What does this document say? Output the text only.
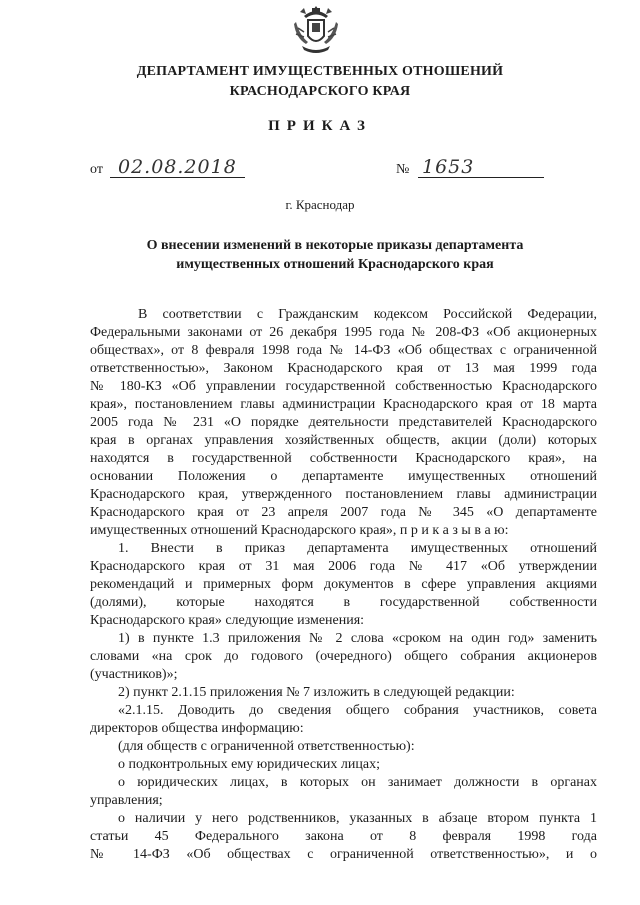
ДЕПАРТАМЕНТ ИМУЩЕСТВЕННЫХ ОТНОШЕНИЙ
КРАСНОДАРСКОГО КРАЯ
ПРИКАЗ
от 02.08.2018	№ 1653
г. Краснодар
О внесении изменений в некоторые приказы департамента
имущественных отношений Краснодарского края
В соответствии с Гражданским кодексом Российской Федерации,
Федеральными законами от 26 декабря 1995 года № 208-ФЗ «Об акционерных
обществах», от 8 февраля 1998 года № 14-ФЗ «Об обществах с ограниченной
ответственностью», Законом Краснодарского края от 13 мая 1999 года
№ 180-КЗ «Об управлении государственной собственностью Краснодарского
края», постановлением главы администрации Краснодарского края от 18 марта
2005 года № 231 «О порядке деятельности представителей Краснодарского
края в органах управления хозяйственных обществ, акции (доли) которых
находятся в государственной собственности Краснодарского края», на
основании Положения о департаменте имущественных отношений
Краснодарского края, утвержденного постановлением главы администрации
Краснодарского края от 23 апреля 2007 года № 345 «О департаменте
имущественных отношений Краснодарского края», п р и к а з ы в а ю:
1. Внести в приказ департамента имущественных отношений
Краснодарского края от 31 мая 2006 года № 417 «Об утверждении
рекомендаций и примерных форм документов в сфере управления акциями
(долями), которые находятся в государственной собственности
Краснодарского края» следующие изменения:
1) в пункте 1.3 приложения № 2 слова «сроком на один год» заменить
словами «на срок до годового (очередного) общего собрания акционеров
(участников)»;
2) пункт 2.1.15 приложения № 7 изложить в следующей редакции:
«2.1.15. Доводить до сведения общего собрания участников, совета
директоров общества информацию:
(для обществ с ограниченной ответственностью):
о подконтрольных ему юридических лицах;
о юридических лицах, в которых он занимает должности в органах
управления;
о наличии у него родственников, указанных в абзаце втором пункта 1
статьи 45 Федерального закона от 8 февраля 1998 года
№ 14-ФЗ «Об обществах с ограниченной ответственностью», и о
